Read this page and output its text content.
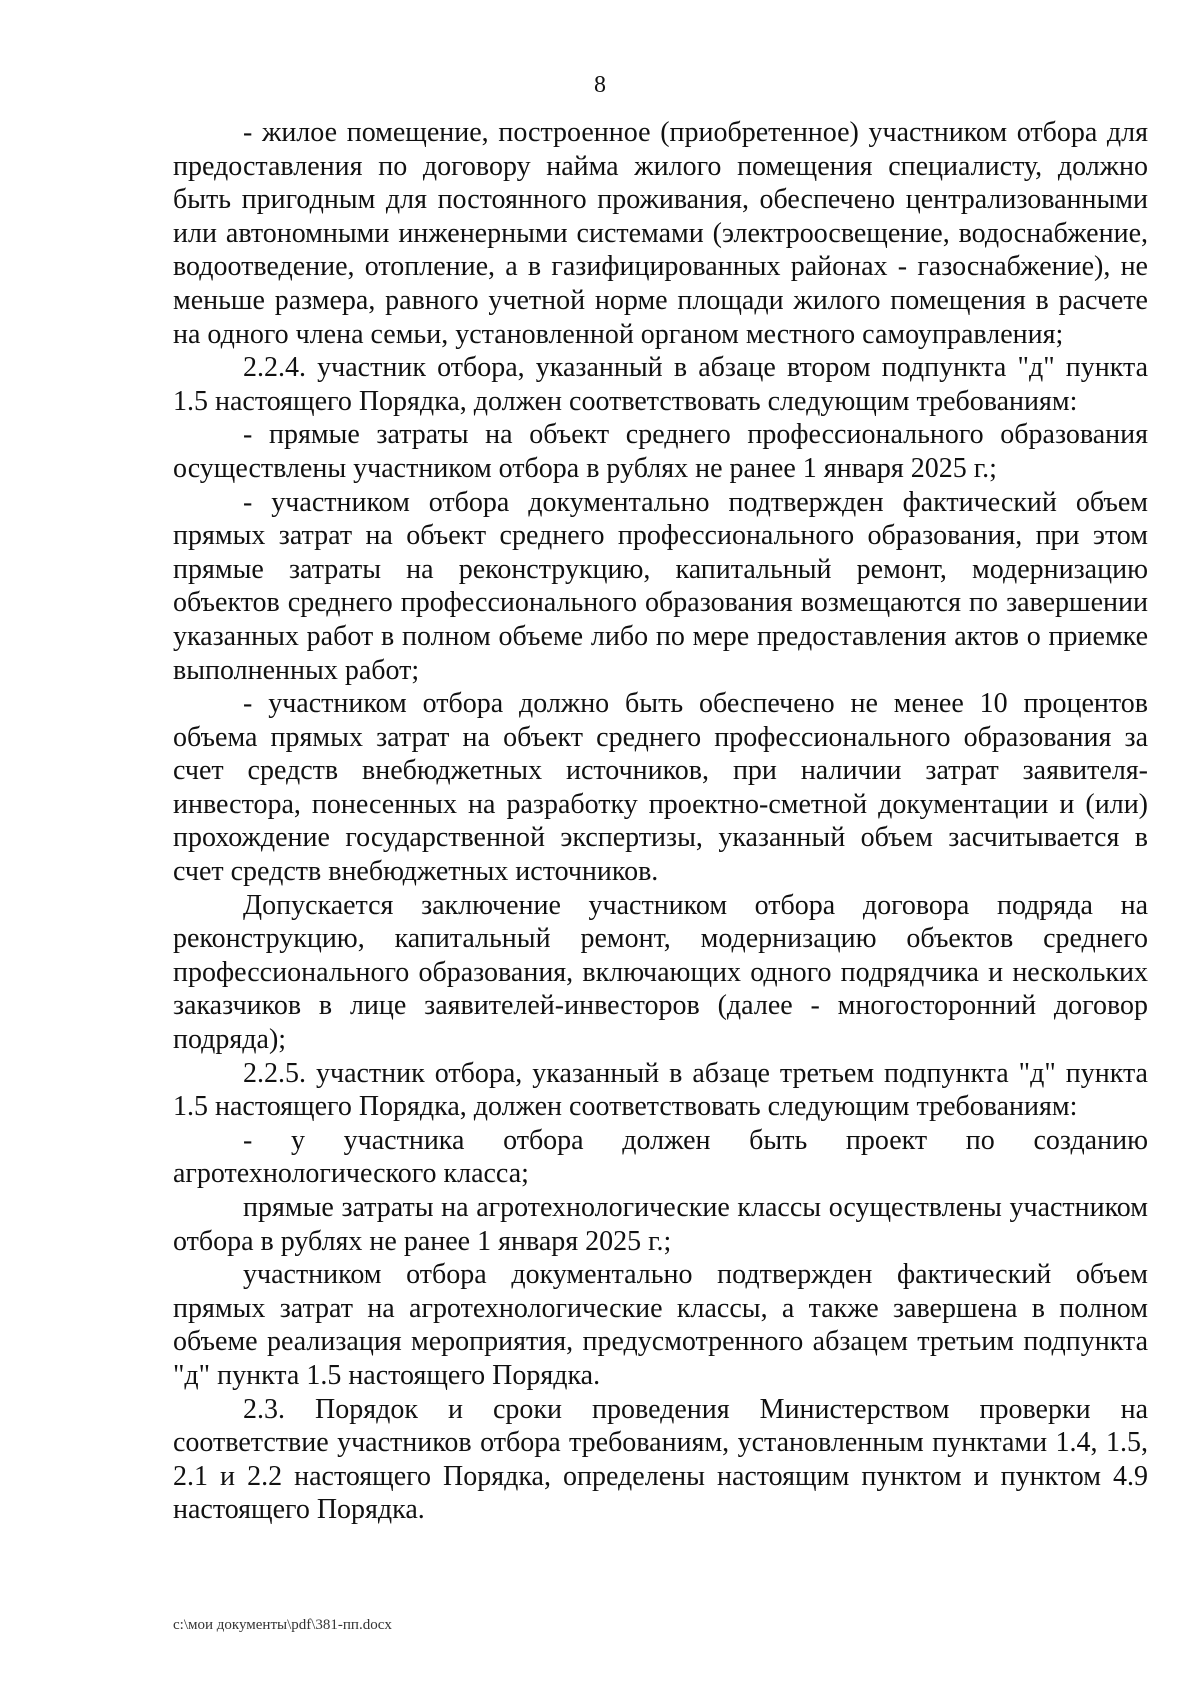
8

- жилое помещение, построенное (приобретенное) участником отбора для предоставления по договору найма жилого помещения специалисту, должно быть пригодным для постоянного проживания, обеспечено централизованными или автономными инженерными системами (электроосвещение, водоснабжение, водоотведение, отопление, а в газифицированных районах - газоснабжение), не меньше размера, равного учетной норме площади жилого помещения в расчете на одного члена семьи, установленной органом местного самоуправления;

2.2.4. участник отбора, указанный в абзаце втором подпункта "д" пункта 1.5 настоящего Порядка, должен соответствовать следующим требованиям:

- прямые затраты на объект среднего профессионального образования осуществлены участником отбора в рублях не ранее 1 января 2025 г.;

- участником отбора документально подтвержден фактический объем прямых затрат на объект среднего профессионального образования, при этом прямые затраты на реконструкцию, капитальный ремонт, модернизацию объектов среднего профессионального образования возмещаются по завершении указанных работ в полном объеме либо по мере предоставления актов о приемке выполненных работ;

- участником отбора должно быть обеспечено не менее 10 процентов объема прямых затрат на объект среднего профессионального образования за счет средств внебюджетных источников, при наличии затрат заявителя-инвестора, понесенных на разработку проектно-сметной документации и (или) прохождение государственной экспертизы, указанный объем засчитывается в счет средств внебюджетных источников.

Допускается заключение участником отбора договора подряда на реконструкцию, капитальный ремонт, модернизацию объектов среднего профессионального образования, включающих одного подрядчика и нескольких заказчиков в лице заявителей-инвесторов (далее - многосторонний договор подряда);

2.2.5. участник отбора, указанный в абзаце третьем подпункта "д" пункта 1.5 настоящего Порядка, должен соответствовать следующим требованиям:

- у участника отбора должен быть проект по созданию агротехнологического класса;

прямые затраты на агротехнологические классы осуществлены участником отбора в рублях не ранее 1 января 2025 г.;

участником отбора документально подтвержден фактический объем прямых затрат на агротехнологические классы, а также завершена в полном объеме реализация мероприятия, предусмотренного абзацем третьим подпункта "д" пункта 1.5 настоящего Порядка.

2.3. Порядок и сроки проведения Министерством проверки на соответствие участников отбора требованиям, установленным пунктами 1.4, 1.5, 2.1 и 2.2 настоящего Порядка, определены настоящим пунктом и пунктом 4.9 настоящего Порядка.

c:\мои документы\pdf\381-пп.docx
